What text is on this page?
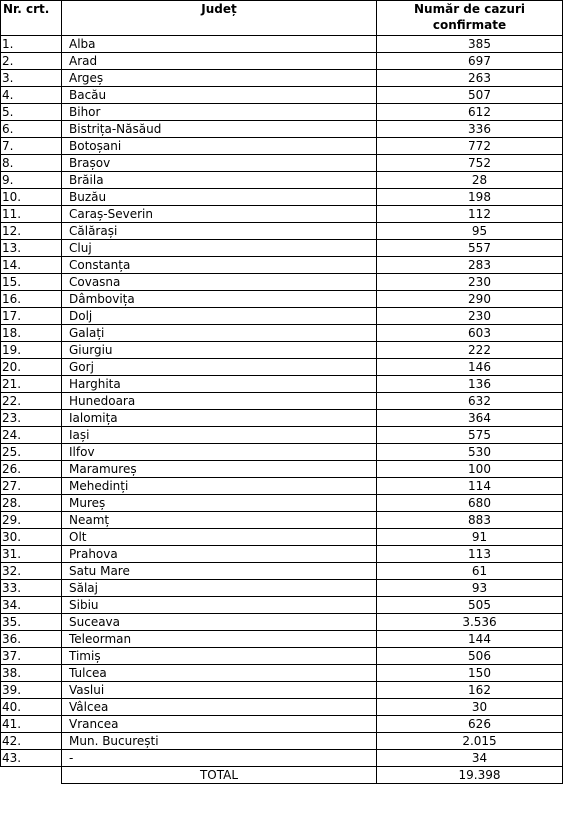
Nr. crt.	Județ	Număr de cazuri
confirmate
1.	Alba	385
2.	Arad	697
3.	Argeș	263
4.	Bacău	507
5.	Bihor	612
6.	Bistrița-Năsăud	336
7.	Botoșani	772
8.	Brașov	752
9.	Brăila	28
10.	Buzău	198
11.	Caraș-Severin	112
12.	Călărași	95
13.	Cluj	557
14.	Constanța	283
15.	Covasna	230
16.	Dâmbovița	290
17.	Dolj	230
18.	Galați	603
19.	Giurgiu	222
20.	Gorj	146
21.	Harghita	136
22.	Hunedoara	632
23.	Ialomița	364
24.	Iași	575
25.	Ilfov	530
26.	Maramureș	100
27.	Mehedinți	114
28.	Mureș	680
29.	Neamț	883
30.	Olt	91
31.	Prahova	113
32.	Satu Mare	61
33.	Sălaj	93
34.	Sibiu	505
35.	Suceava	3.536
36.	Teleorman	144
37.	Timiș	506
38.	Tulcea	150
39.	Vaslui	162
40.	Vâlcea	30
41.	Vrancea	626
42.	Mun. București	2.015
43.	-	34
	TOTAL	19.398
